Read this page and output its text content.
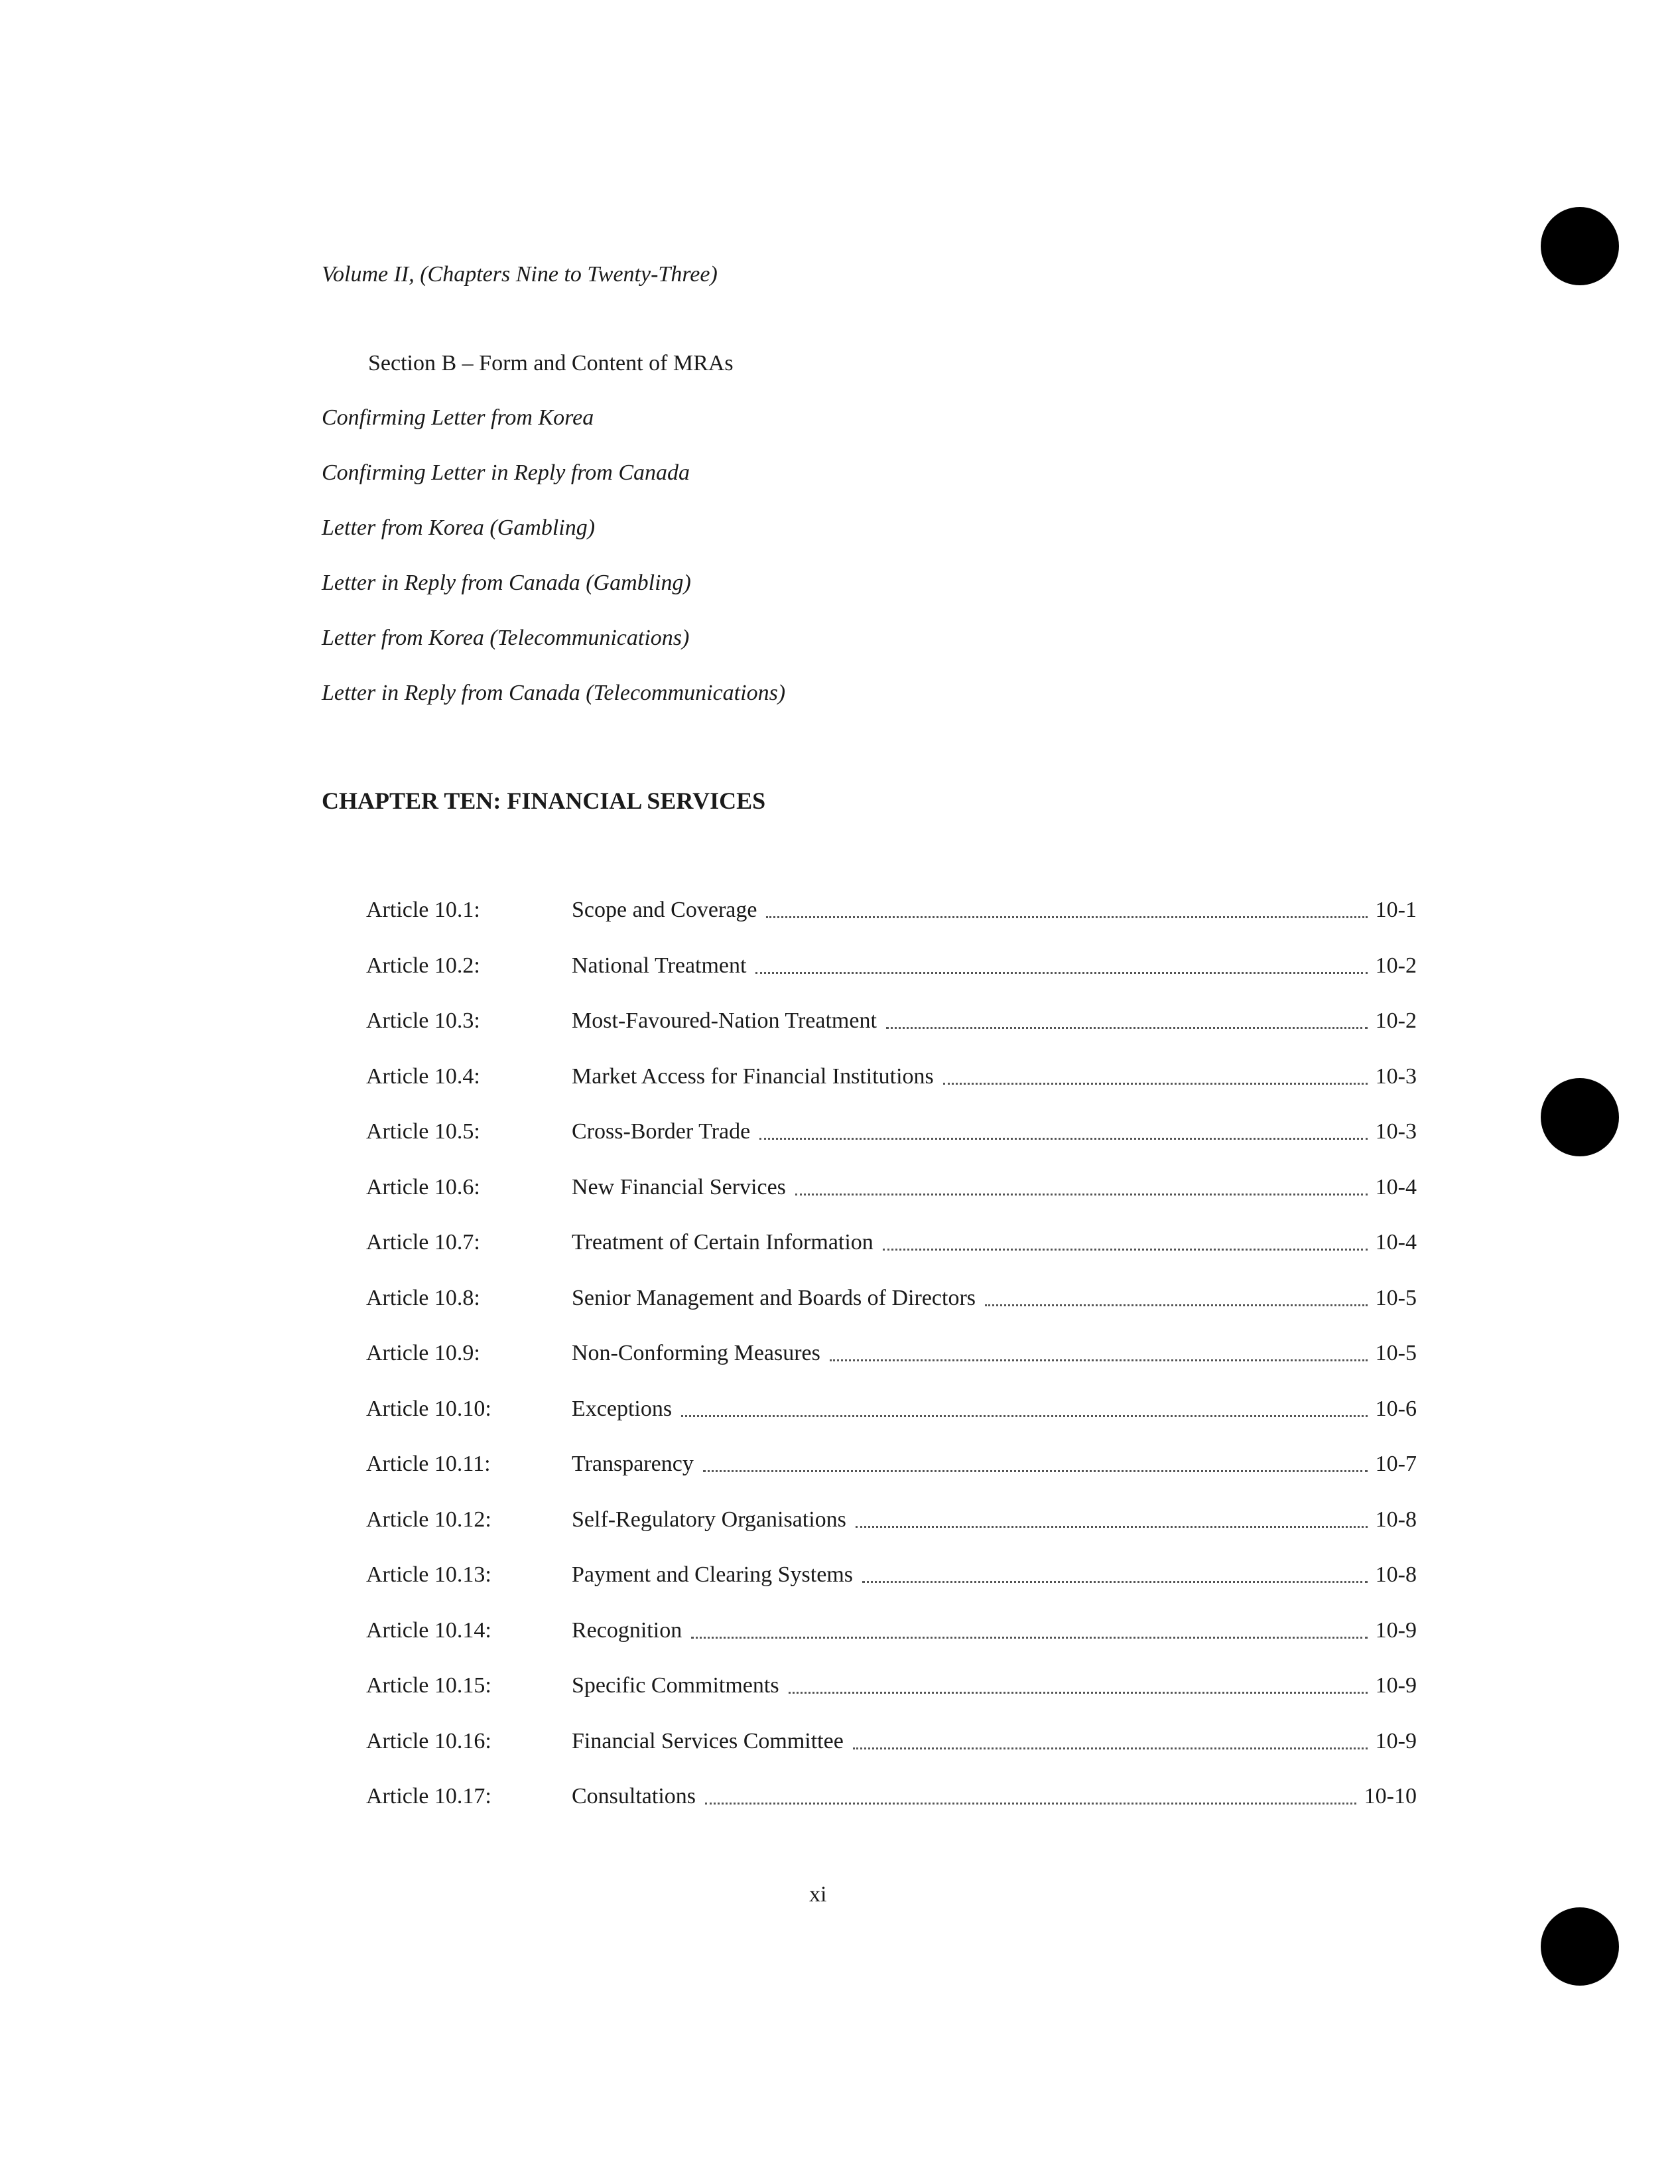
Volume II, (Chapters Nine to Twenty-Three)
Section B – Form and Content of MRAs
Confirming Letter from Korea
Confirming Letter in Reply from Canada
Letter from Korea (Gambling)
Letter in Reply from Canada (Gambling)
Letter from Korea (Telecommunications)
Letter in Reply from Canada (Telecommunications)
CHAPTER TEN: FINANCIAL SERVICES
Article 10.1:	Scope and Coverage	10-1
Article 10.2:	National Treatment	10-2
Article 10.3:	Most-Favoured-Nation Treatment	10-2
Article 10.4:	Market Access for Financial Institutions	10-3
Article 10.5:	Cross-Border Trade	10-3
Article 10.6:	New Financial Services	10-4
Article 10.7:	Treatment of Certain Information	10-4
Article 10.8:	Senior Management and Boards of Directors	10-5
Article 10.9:	Non-Conforming Measures	10-5
Article 10.10:	Exceptions	10-6
Article 10.11:	Transparency	10-7
Article 10.12:	Self-Regulatory Organisations	10-8
Article 10.13:	Payment and Clearing Systems	10-8
Article 10.14:	Recognition	10-9
Article 10.15:	Specific Commitments	10-9
Article 10.16:	Financial Services Committee	10-9
Article 10.17:	Consultations	10-10
xi
